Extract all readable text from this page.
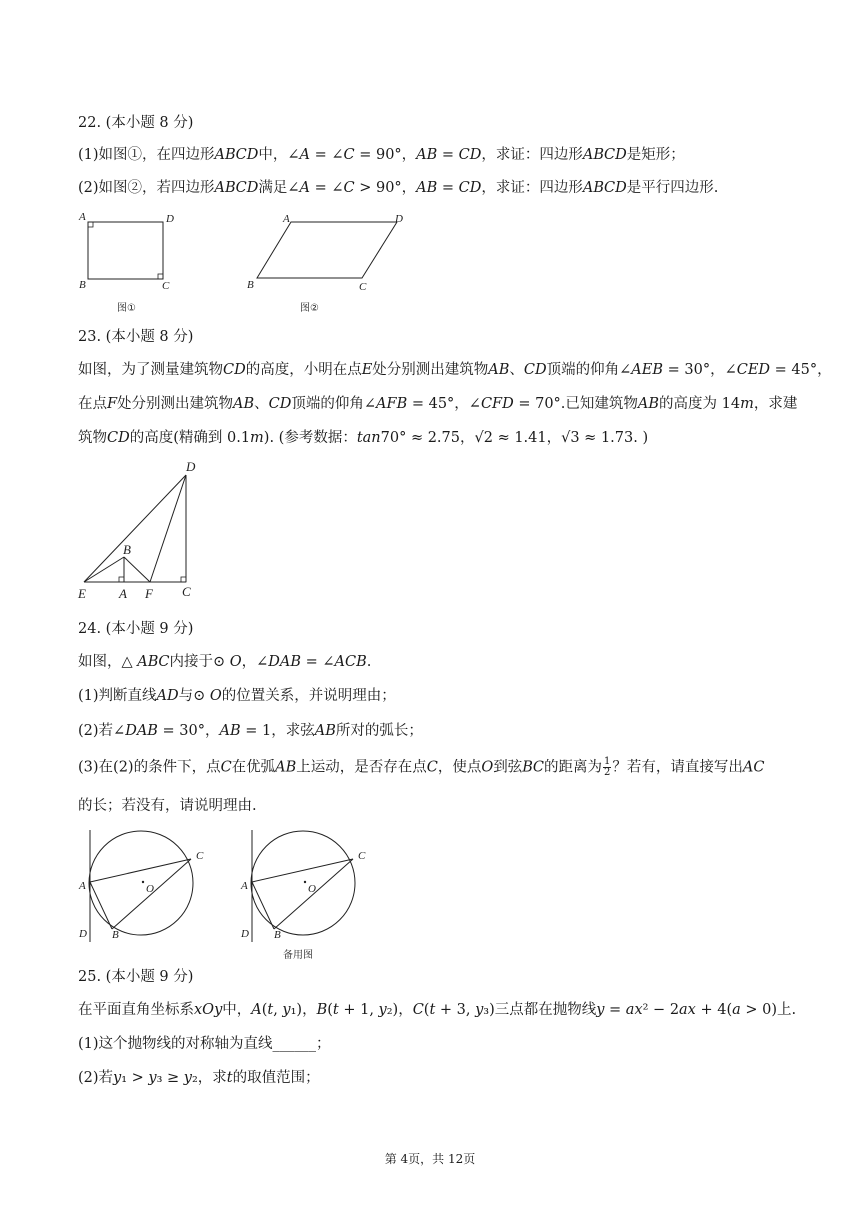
22. (本小题 8 分)
(1)如图①，在四边形𝐴𝐵𝐶𝐷中，∠𝐴 = ∠𝐶 = 90°，𝐴𝐵 = 𝐶𝐷，求证：四边形𝐴𝐵𝐶𝐷是矩形；
(2)如图②，若四边形𝐴𝐵𝐶𝐷满足∠𝐴 = ∠𝐶 > 90°，𝐴𝐵 = 𝐶𝐷，求证：四边形𝐴𝐵𝐶𝐷是平行四边形.
A	D
B	C
图①
A	D
B	C
图②
23. (本小题 8 分)
如图，为了测量建筑物𝐶𝐷的高度，小明在点𝐸处分别测出建筑物𝐴𝐵、𝐶𝐷顶端的仰角∠𝐴𝐸𝐵 = 30°，∠𝐶𝐸𝐷 = 45°，
在点𝐹处分别测出建筑物𝐴𝐵、𝐶𝐷顶端的仰角∠𝐴𝐹𝐵 = 45°，∠𝐶𝐹𝐷 = 70°.已知建筑物𝐴𝐵的高度为 14𝑚，求建
筑物𝐶𝐷的高度(精确到 0.1𝑚). (参考数据：𝑡𝑎𝑛70° ≈ 2.75，√2 ≈ 1.41，√3 ≈ 1.73. )
D
B
E	A F C
24. (本小题 9 分)
如图，△ 𝐴𝐵𝐶内接于⊙ 𝑂，∠𝐷𝐴𝐵 = ∠𝐴𝐶𝐵.
(1)判断直线𝐴𝐷与⊙ 𝑂的位置关系，并说明理由；
(2)若∠𝐷𝐴𝐵 = 30°，𝐴𝐵 = 1，求弦𝐴𝐵所对的弧长；
(3)在(2)的条件下，点𝐶在优弧𝐴𝐵上运动，是否存在点𝐶，使点𝑂到弦𝐵𝐶的距离为 $\frac{1}{2}$ ？若有，请直接写出𝐴𝐶
的长；若没有，请说明理由.
O
A
D B
C
O
A
D B
C
备用图
25. (本小题 9 分)
在平面直角坐标系𝑥𝑂𝑦中，𝐴(𝑡, 𝑦₁)，𝐵(𝑡 + 1, 𝑦₂)，𝐶(𝑡 + 3, 𝑦₃)三点都在抛物线𝑦 = 𝑎𝑥² − 2𝑎𝑥 + 4(𝑎 > 0)上.
(1)这个抛物线的对称轴为直线______；
(2)若𝑦₁ > 𝑦₃ ≥ 𝑦₂，求𝑡的取值范围；
第 4页，共 12页
